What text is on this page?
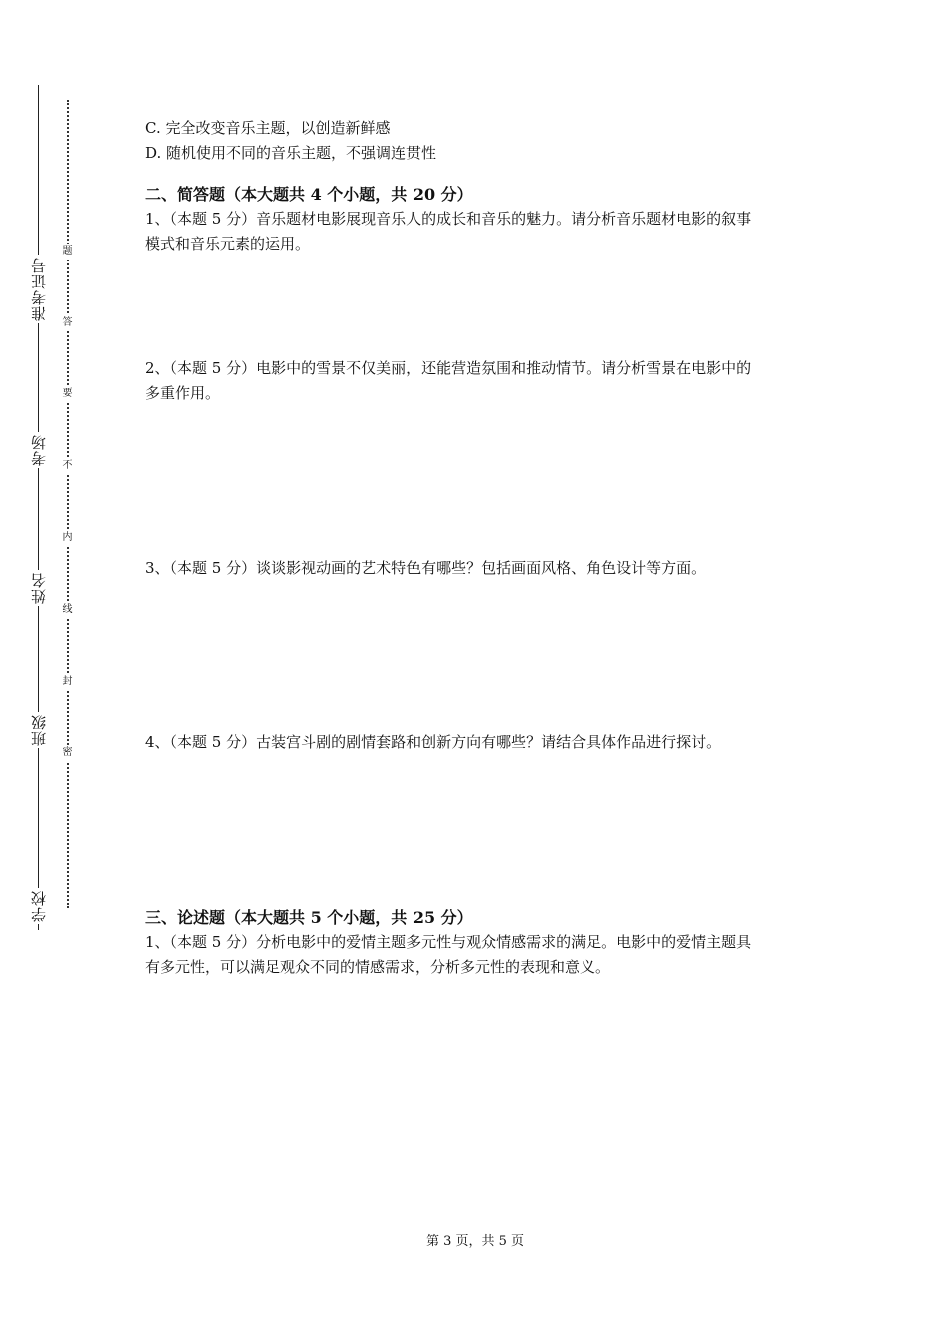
准考证号
考场
姓名
班级
学校
题
答
要
不
内
线
封
密
C. 完全改变音乐主题，以创造新鲜感
D. 随机使用不同的音乐主题，不强调连贯性
二、简答题（本大题共 4 个小题，共 20 分）
1、（本题 5 分）音乐题材电影展现音乐人的成长和音乐的魅力。请分析音乐题材电影的叙事
模式和音乐元素的运用。
2、（本题 5 分）电影中的雪景不仅美丽，还能营造氛围和推动情节。请分析雪景在电影中的
多重作用。
3、（本题 5 分）谈谈影视动画的艺术特色有哪些？包括画面风格、角色设计等方面。
4、（本题 5 分）古装宫斗剧的剧情套路和创新方向有哪些？请结合具体作品进行探讨。
三、论述题（本大题共 5 个小题，共 25 分）
1、（本题 5 分）分析电影中的爱情主题多元性与观众情感需求的满足。电影中的爱情主题具
有多元性，可以满足观众不同的情感需求，分析多元性的表现和意义。
第 3 页，共 5 页
